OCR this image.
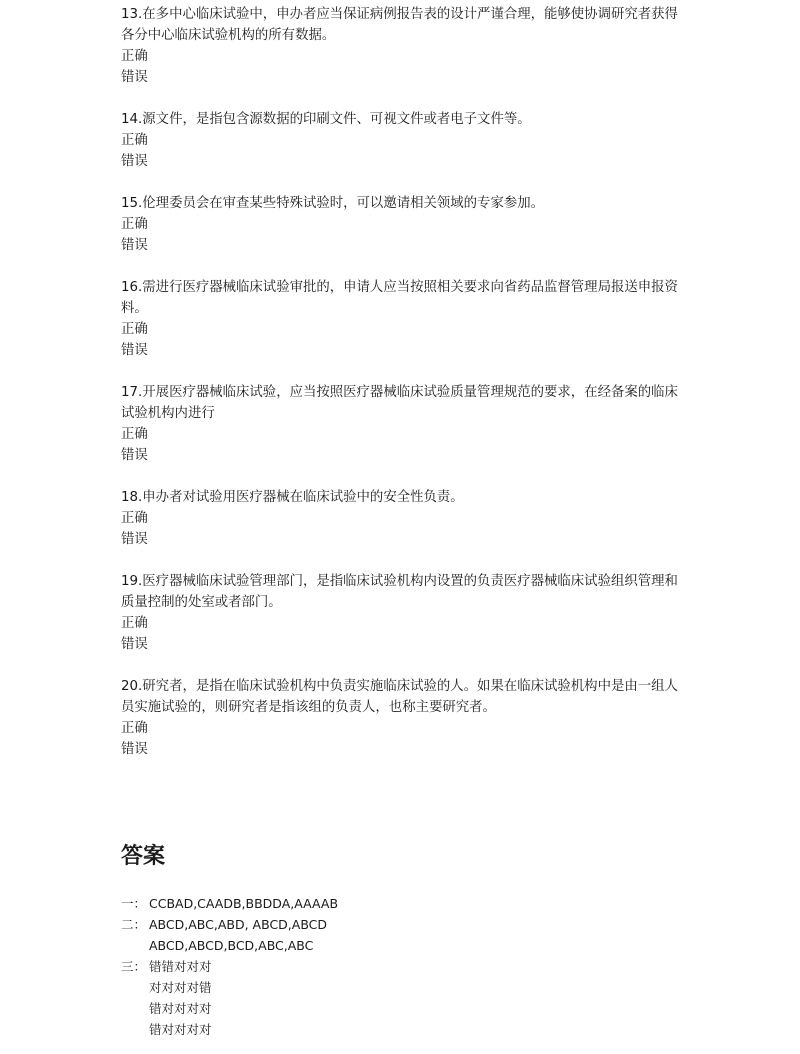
13.在多中心临床试验中，申办者应当保证病例报告表的设计严谨合理，能够使协调研究者获得各分中心临床试验机构的所有数据。

正确
错误

14.源文件，是指包含源数据的印刷文件、可视文件或者电子文件等。

正确
错误

15.伦理委员会在审查某些特殊试验时，可以邀请相关领域的专家参加。

正确
错误

16.需进行医疗器械临床试验审批的，申请人应当按照相关要求向省药品监督管理局报送申报资料。

正确
错误

17.开展医疗器械临床试验，应当按照医疗器械临床试验质量管理规范的要求，在经备案的临床试验机构内进行

正确
错误

18.申办者对试验用医疗器械在临床试验中的安全性负责。

正确
错误

19.医疗器械临床试验管理部门，是指临床试验机构内设置的负责医疗器械临床试验组织管理和质量控制的处室或者部门。

正确
错误

20.研究者，是指在临床试验机构中负责实施临床试验的人。如果在临床试验机构中是由一组人员实施试验的，则研究者是指该组的负责人，也称主要研究者。

正确
错误
答案
一： CCBAD,CAADB,BBDDA,AAAAB
二： ABCD,ABC,ABD, ABCD,ABCD
ABCD,ABCD,BCD,ABC,ABC
三： 错错对对对
对对对对错
错对对对对
错对对对对
